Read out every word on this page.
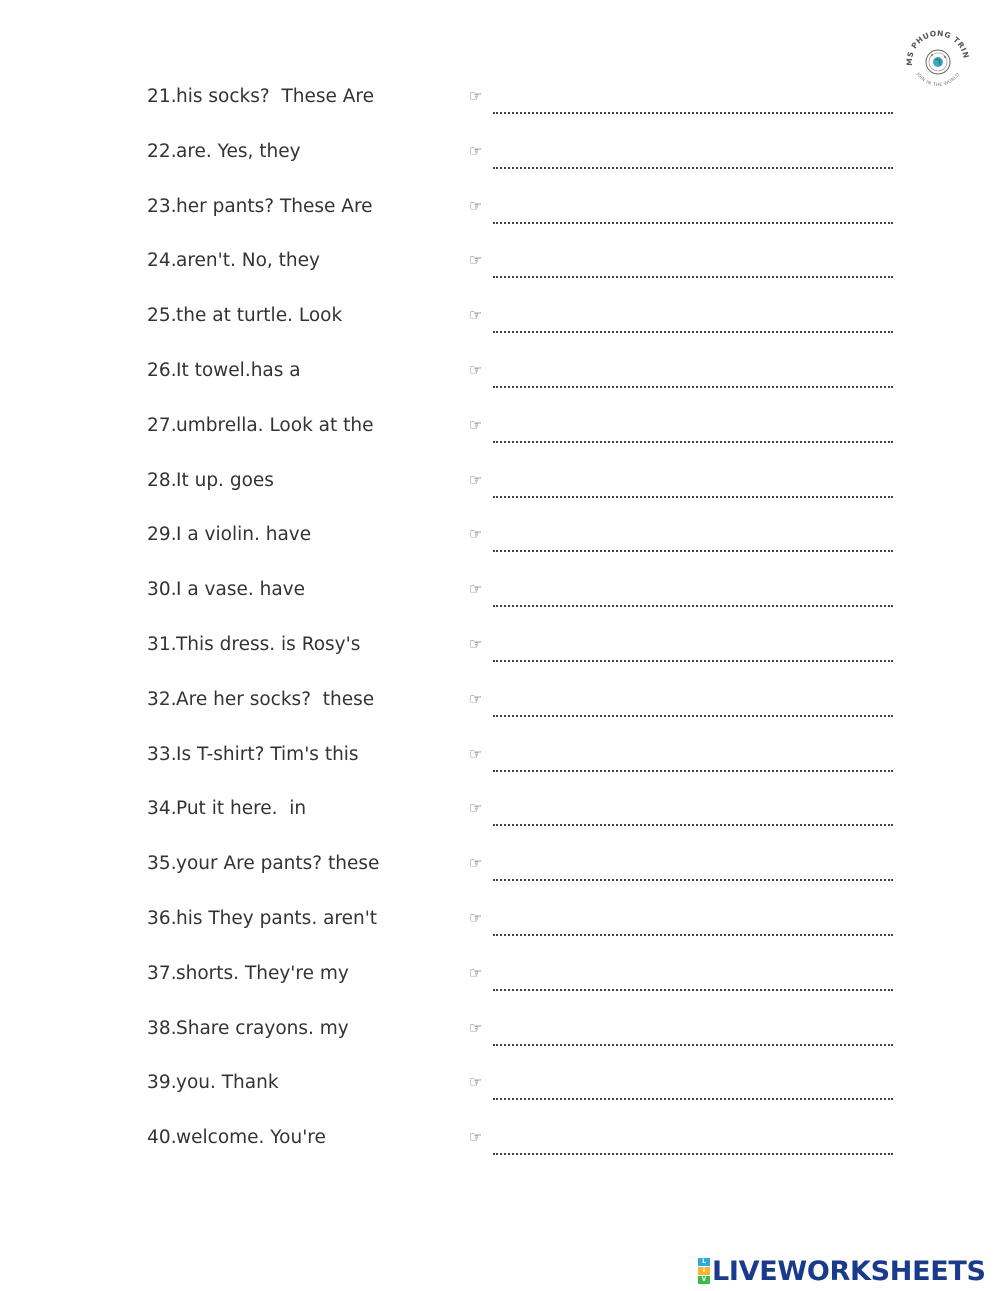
MS PHUONG TRIN
JOIN IN THE WORLD
21. his socks?  These Are	☞
22. are. Yes, they	☞
23. her pants? These Are	☞
24. aren't. No, they	☞
25. the at turtle. Look	☞
26. It towel.has a	☞
27. umbrella. Look at the	☞
28. It up. goes	☞
29. I a violin. have	☞
30. I a vase. have	☞
31. This dress. is Rosy's	☞
32. Are her socks?  these	☞
33. Is T-shirt? Tim's this	☞
34. Put it here.  in	☞
35. your Are pants? these	☞
36. his They pants. aren't	☞
37. shorts. They're my	☞
38. Share crayons. my	☞
39. you. Thank	☞
40. welcome. You're	☞
L
I
V LIVEWORKSHEETS
